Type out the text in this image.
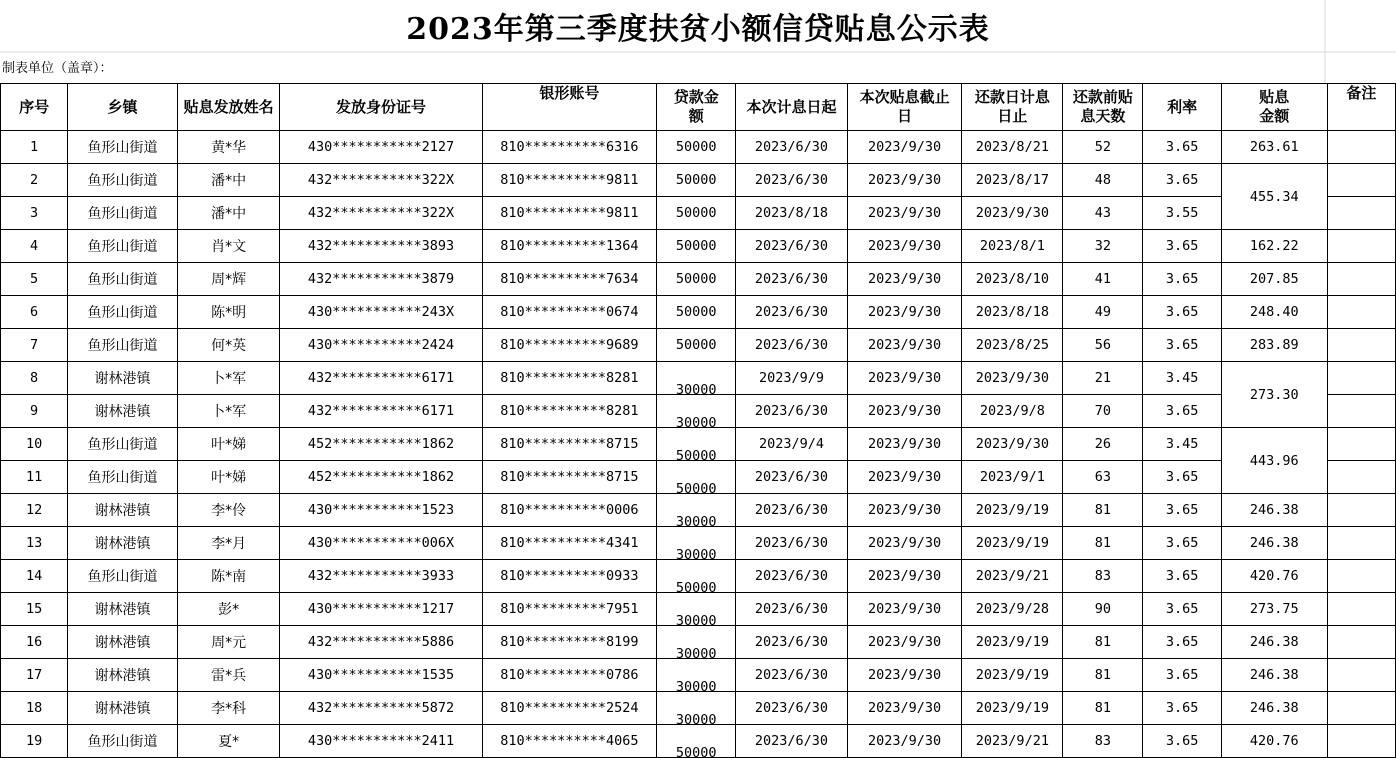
2023年第三季度扶贫小额信贷贴息公示表
制表单位（盖章）：
序号	乡镇	贴息发放姓名	发放身份证号	银形账号	贷款金额	本次计息日起	本次贴息截止日	还款日计息日止	还款前贴息天数	利率	贴息金额	备注
1	鱼形山街道	黄*华	430***********2127	810**********6316	50000	2023/6/30	2023/9/30	2023/8/21	52	3.65	263.61	
2	鱼形山街道	潘*中	432***********322X	810**********9811	50000	2023/6/30	2023/9/30	2023/8/17	48	3.65	455.34	
3	鱼形山街道	潘*中	432***********322X	810**********9811	50000	2023/8/18	2023/9/30	2023/9/30	43	3.55		
4	鱼形山街道	肖*文	432***********3893	810**********1364	50000	2023/6/30	2023/9/30	2023/8/1	32	3.65	162.22	
5	鱼形山街道	周*辉	432***********3879	810**********7634	50000	2023/6/30	2023/9/30	2023/8/10	41	3.65	207.85	
6	鱼形山街道	陈*明	430***********243X	810**********0674	50000	2023/6/30	2023/9/30	2023/8/18	49	3.65	248.40	
7	鱼形山街道	何*英	430***********2424	810**********9689	50000	2023/6/30	2023/9/30	2023/8/25	56	3.65	283.89	
8	谢林港镇	卜*军	432***********6171	810**********8281	30000	2023/9/9	2023/9/30	2023/9/30	21	3.45	273.30	
9	谢林港镇	卜*军	432***********6171	810**********8281	30000	2023/6/30	2023/9/30	2023/9/8	70	3.65		
10	鱼形山街道	叶*娣	452***********1862	810**********8715	50000	2023/9/4	2023/9/30	2023/9/30	26	3.45	443.96	
11	鱼形山街道	叶*娣	452***********1862	810**********8715	50000	2023/6/30	2023/9/30	2023/9/1	63	3.65		
12	谢林港镇	李*伶	430***********1523	810**********0006	30000	2023/6/30	2023/9/30	2023/9/19	81	3.65	246.38	
13	谢林港镇	李*月	430***********006X	810**********4341	30000	2023/6/30	2023/9/30	2023/9/19	81	3.65	246.38	
14	鱼形山街道	陈*南	432***********3933	810**********0933	50000	2023/6/30	2023/9/30	2023/9/21	83	3.65	420.76	
15	谢林港镇	彭*	430***********1217	810**********7951	30000	2023/6/30	2023/9/30	2023/9/28	90	3.65	273.75	
16	谢林港镇	周*元	432***********5886	810**********8199	30000	2023/6/30	2023/9/30	2023/9/19	81	3.65	246.38	
17	谢林港镇	雷*兵	430***********1535	810**********0786	30000	2023/6/30	2023/9/30	2023/9/19	81	3.65	246.38	
18	谢林港镇	李*科	432***********5872	810**********2524	30000	2023/6/30	2023/9/30	2023/9/19	81	3.65	246.38	
19	鱼形山街道	夏*	430***********2411	810**********4065	50000	2023/6/30	2023/9/30	2023/9/21	83	3.65	420.76	
